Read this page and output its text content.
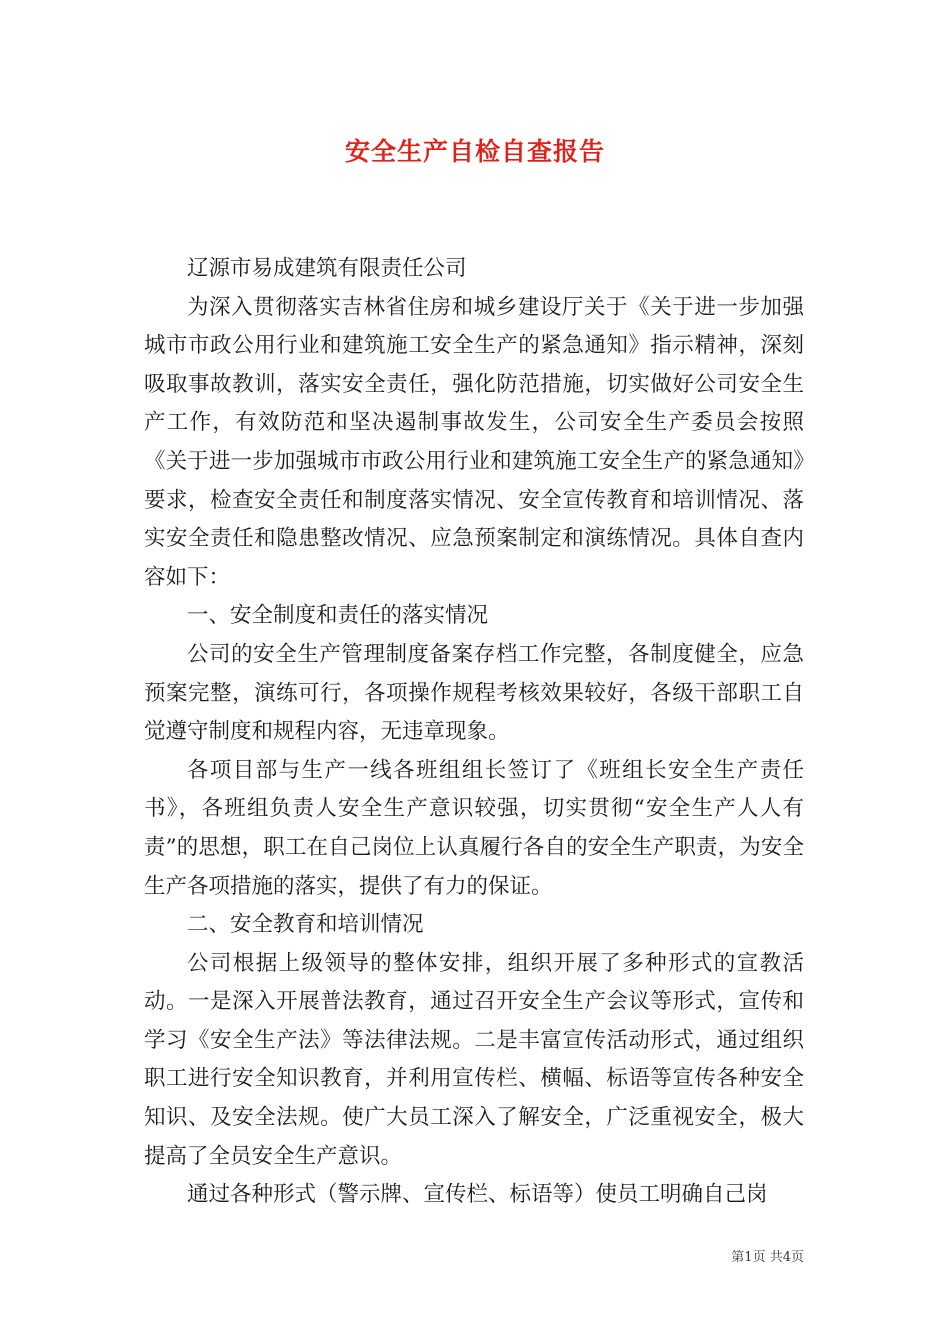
安全生产自检自查报告

辽源市易成建筑有限责任公司

为深入贯彻落实吉林省住房和城乡建设厅关于《关于进一步加强城市市政公用行业和建筑施工安全生产的紧急通知》指示精神，深刻吸取事故教训，落实安全责任，强化防范措施，切实做好公司安全生产工作，有效防范和坚决遏制事故发生，公司安全生产委员会按照《关于进一步加强城市市政公用行业和建筑施工安全生产的紧急通知》要求，检查安全责任和制度落实情况、安全宣传教育和培训情况、落实安全责任和隐患整改情况、应急预案制定和演练情况。具体自查内容如下：

一、安全制度和责任的落实情况

公司的安全生产管理制度备案存档工作完整，各制度健全，应急预案完整，演练可行，各项操作规程考核效果较好，各级干部职工自觉遵守制度和规程内容，无违章现象。

各项目部与生产一线各班组组长签订了《班组长安全生产责任书》，各班组负责人安全生产意识较强，切实贯彻“安全生产人人有责”的思想，职工在自己岗位上认真履行各自的安全生产职责，为安全生产各项措施的落实，提供了有力的保证。

二、安全教育和培训情况

公司根据上级领导的整体安排，组织开展了多种形式的宣教活动。一是深入开展普法教育，通过召开安全生产会议等形式，宣传和学习《安全生产法》等法律法规。二是丰富宣传活动形式，通过组织职工进行安全知识教育，并利用宣传栏、横幅、标语等宣传各种安全知识、及安全法规。使广大员工深入了解安全，广泛重视安全，极大提高了全员安全生产意识。

通过各种形式（警示牌、宣传栏、标语等）使员工明确自己岗

第1页 共4页
